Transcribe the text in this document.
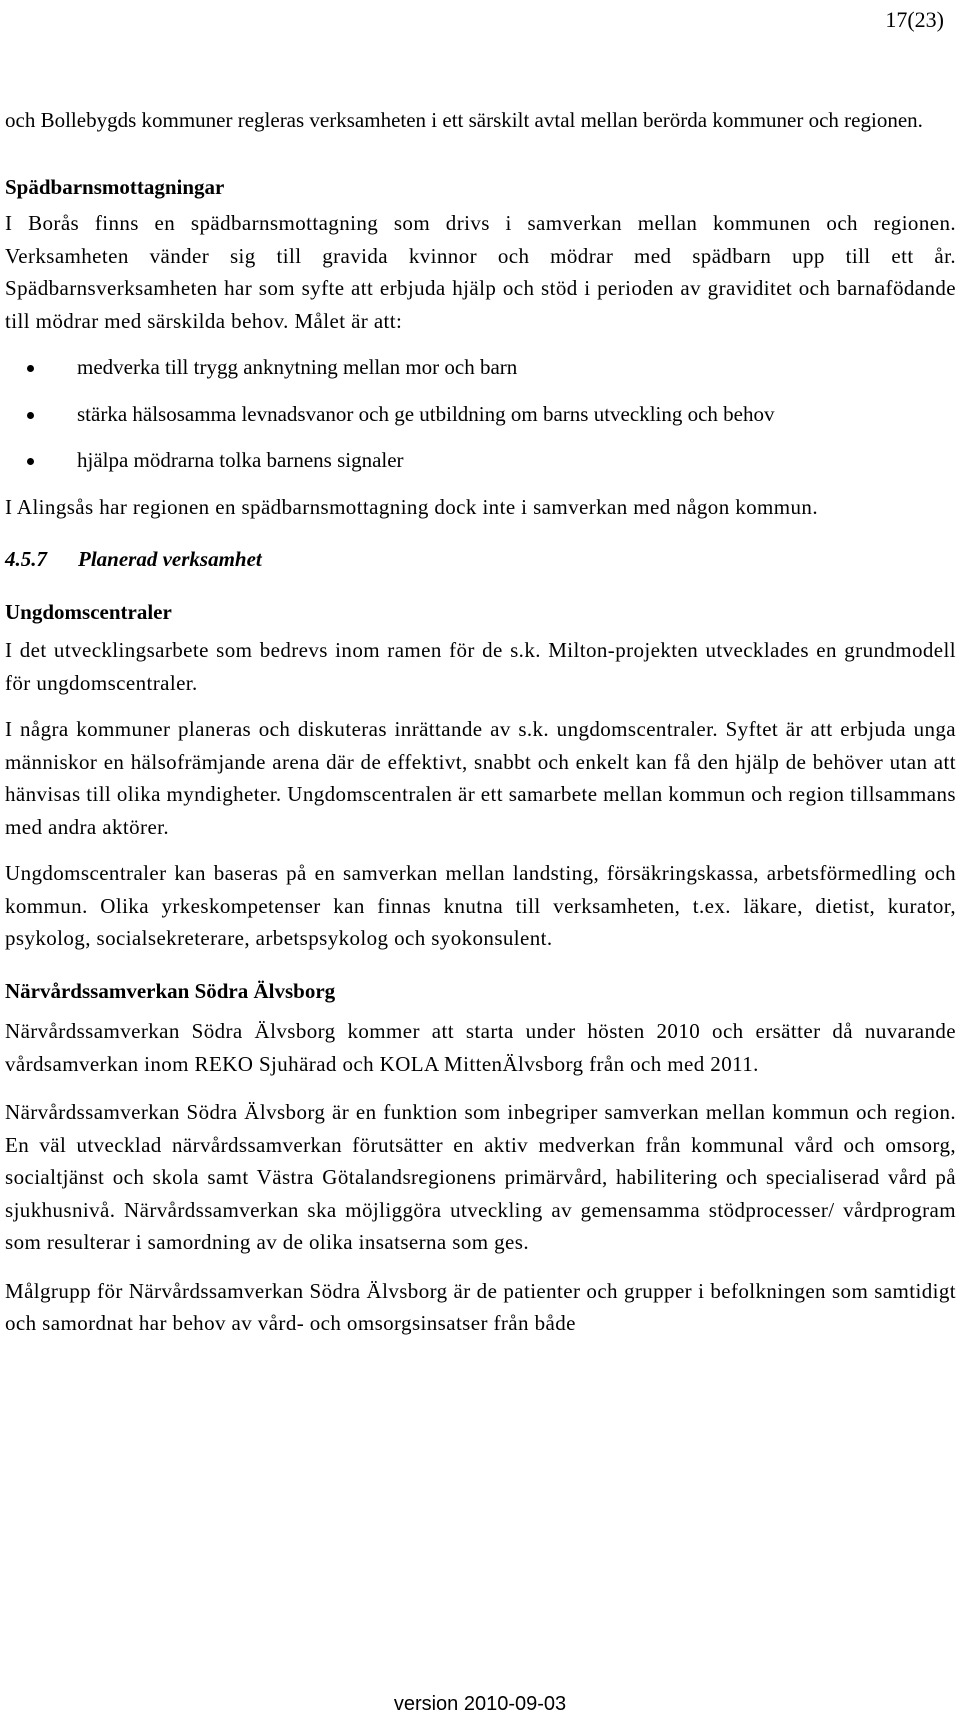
17(23)

och Bollebygds kommuner regleras verksamheten i ett särskilt avtal mellan berörda kommuner och regionen.

Spädbarnsmottagningar

I Borås finns en spädbarnsmottagning som drivs i samverkan mellan kommunen och regionen. Verksamheten vänder sig till gravida kvinnor och mödrar med spädbarn upp till ett år. Spädbarnsverksamheten har som syfte att erbjuda hjälp och stöd i perioden av graviditet och barnafödande till mödrar med särskilda behov. Målet är att:

medverka till trygg anknytning mellan mor och barn
stärka hälsosamma levnadsvanor och ge utbildning om barns utveckling och behov
hjälpa mödrarna tolka barnens signaler

I Alingsås har regionen en spädbarnsmottagning dock inte i samverkan med någon kommun.

4.5.7 Planerad verksamhet

Ungdomscentraler

I det utvecklingsarbete som bedrevs inom ramen för de s.k. Milton-projekten utvecklades en grundmodell för ungdomscentraler.

I några kommuner planeras och diskuteras inrättande av s.k. ungdomscentraler. Syftet är att erbjuda unga människor en hälsofrämjande arena där de effektivt, snabbt och enkelt kan få den hjälp de behöver utan att hänvisas till olika myndigheter. Ungdomscentralen är ett samarbete mellan kommun och region tillsammans med andra aktörer.

Ungdomscentraler kan baseras på en samverkan mellan landsting, försäkringskassa, arbetsförmedling och kommun. Olika yrkeskompetenser kan finnas knutna till verksamheten, t.ex. läkare, dietist, kurator, psykolog, socialsekreterare, arbetspsykolog och syokonsulent.

Närvårdssamverkan Södra Älvsborg

Närvårdssamverkan Södra Älvsborg kommer att starta under hösten 2010 och ersätter då nuvarande vårdsamverkan inom REKO Sjuhärad och KOLA MittenÄlvsborg från och med 2011.

Närvårdssamverkan Södra Älvsborg är en funktion som inbegriper samverkan mellan kommun och region. En väl utvecklad närvårdssamverkan förutsätter en aktiv medverkan från kommunal vård och omsorg, socialtjänst och skola samt Västra Götalandsregionens primärvård, habilitering och specialiserad vård på sjukhusnivå. Närvårdssamverkan ska möjliggöra utveckling av gemensamma stödprocesser/ vårdprogram som resulterar i samordning av de olika insatserna som ges.

Målgrupp för Närvårdssamverkan Södra Älvsborg är de patienter och grupper i befolkningen som samtidigt och samordnat har behov av vård- och omsorgsinsatser från både

version 2010-09-03
